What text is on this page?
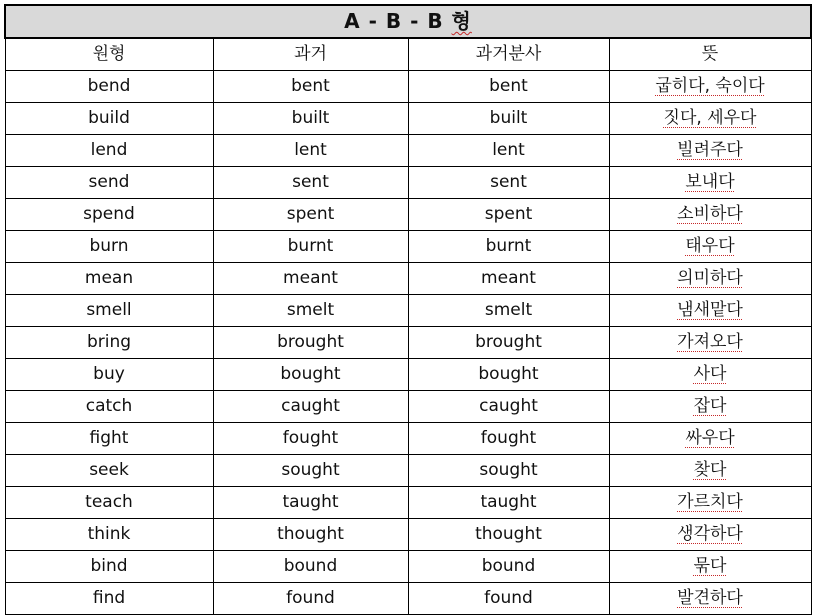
A - B - B 형			
원형	과거	과거분사	뜻
bend	bent	bent	굽히다, 숙이다
build	built	built	짓다, 세우다
lend	lent	lent	빌려주다
send	sent	sent	보내다
spend	spent	spent	소비하다
burn	burnt	burnt	태우다
mean	meant	meant	의미하다
smell	smelt	smelt	냄새맡다
bring	brought	brought	가져오다
buy	bought	bought	사다
catch	caught	caught	잡다
fight	fought	fought	싸우다
seek	sought	sought	찾다
teach	taught	taught	가르치다
think	thought	thought	생각하다
bind	bound	bound	묶다
find	found	found	발견하다
